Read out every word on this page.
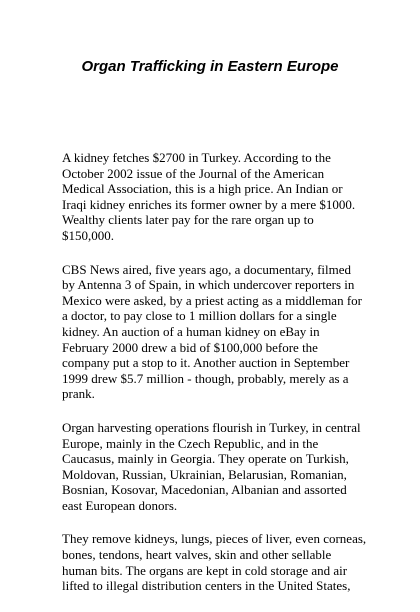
Organ Trafficking in Eastern Europe

A kidney fetches $2700 in Turkey. According to the
October 2002 issue of the Journal of the American
Medical Association, this is a high price. An Indian or
Iraqi kidney enriches its former owner by a mere $1000.
Wealthy clients later pay for the rare organ up to
$150,000.

CBS News aired, five years ago, a documentary, filmed
by Antenna 3 of Spain, in which undercover reporters in
Mexico were asked, by a priest acting as a middleman for
a doctor, to pay close to 1 million dollars for a single
kidney. An auction of a human kidney on eBay in
February 2000 drew a bid of $100,000 before the
company put a stop to it. Another auction in September
1999 drew $5.7 million - though, probably, merely as a
prank.

Organ harvesting operations flourish in Turkey, in central
Europe, mainly in the Czech Republic, and in the
Caucasus, mainly in Georgia. They operate on Turkish,
Moldovan, Russian, Ukrainian, Belarusian, Romanian,
Bosnian, Kosovar, Macedonian, Albanian and assorted
east European donors.

They remove kidneys, lungs, pieces of liver, even corneas,
bones, tendons, heart valves, skin and other sellable
human bits. The organs are kept in cold storage and air
lifted to illegal distribution centers in the United States,
